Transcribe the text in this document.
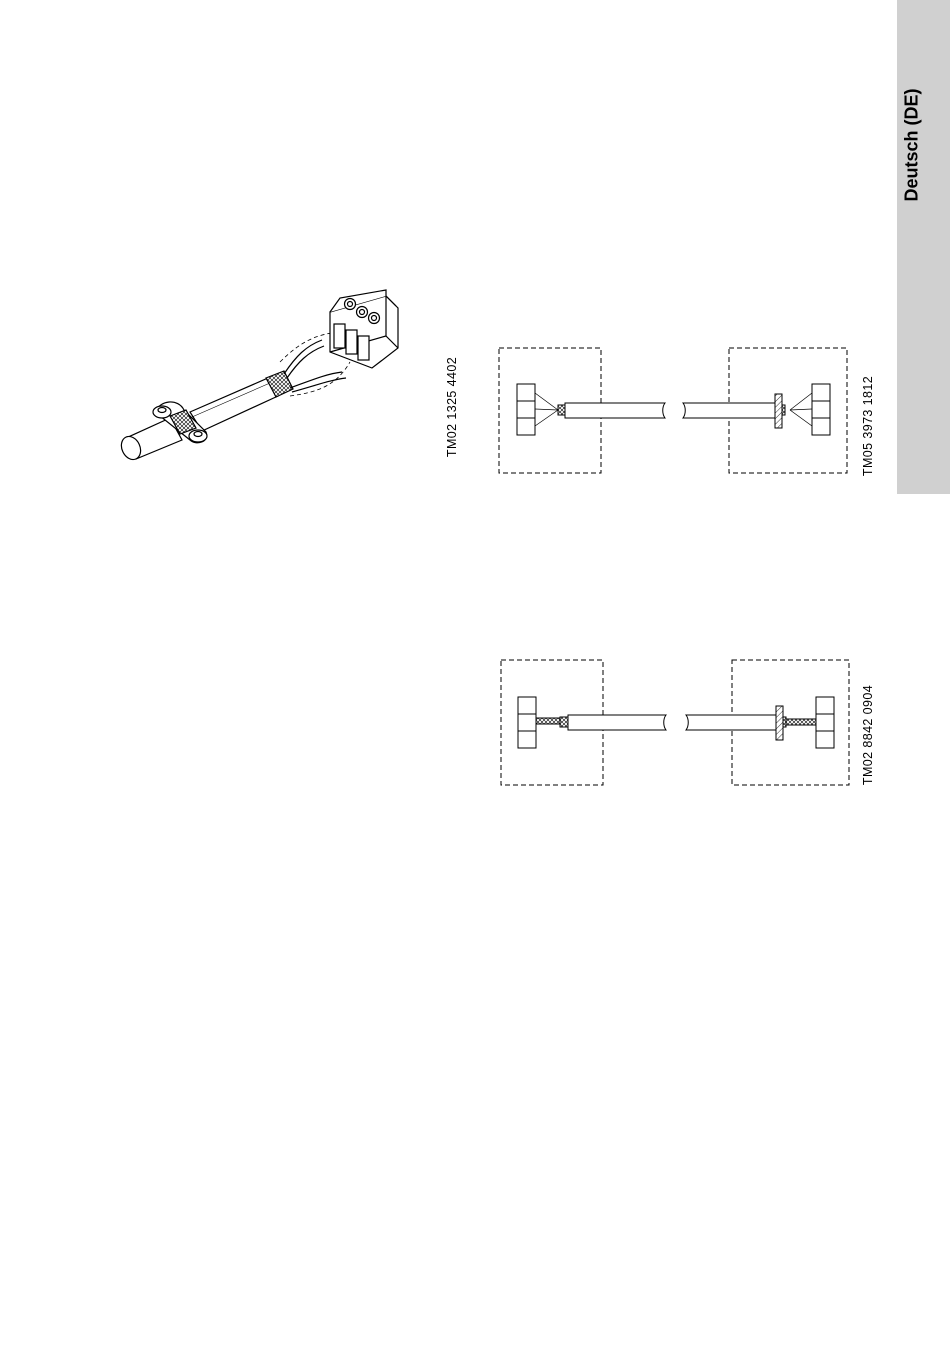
Deutsch (DE)
TM02 1325 4402	TM05 3973 1812
TM02 8842 0904
